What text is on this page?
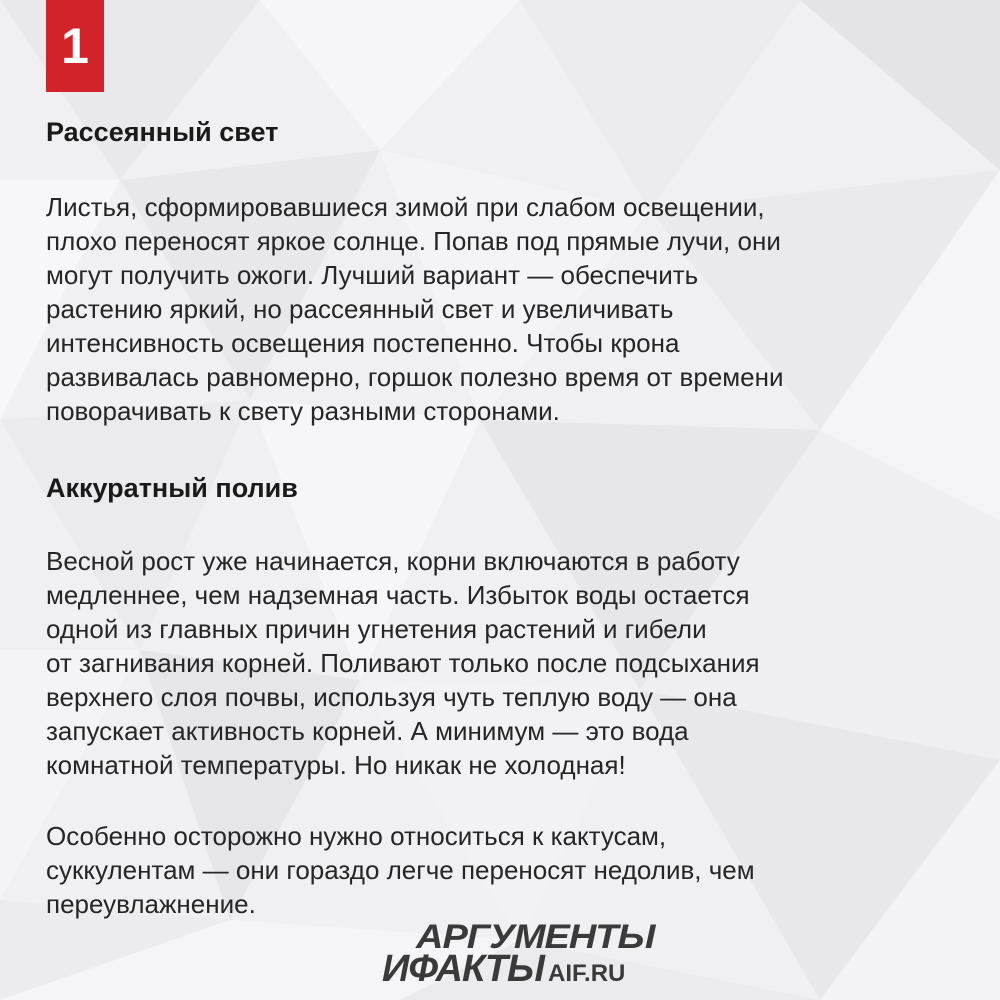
1
Рассеянный свет

Листья, сформировавшиеся зимой при слабом освещении,
плохо переносят яркое солнце. Попав под прямые лучи, они
могут получить ожоги. Лучший вариант — обеспечить
растению яркий, но рассеянный свет и увеличивать
интенсивность освещения постепенно. Чтобы крона
развивалась равномерно, горшок полезно время от времени
поворачивать к свету разными сторонами.

Аккуратный полив

Весной рост уже начинается, корни включаются в работу
медленнее, чем надземная часть. Избыток воды остается
одной из главных причин угнетения растений и гибели
от загнивания корней. Поливают только после подсыхания
верхнего слоя почвы, используя чуть теплую воду — она
запускает активность корней. А минимум — это вода
комнатной температуры. Но никак не холодная!

Особенно осторожно нужно относиться к кактусам,
суккулентам — они гораздо легче переносят недолив, чем
переувлажнение.

АРГУМЕНТЫ
ИФАКТЫ AIF.RU
